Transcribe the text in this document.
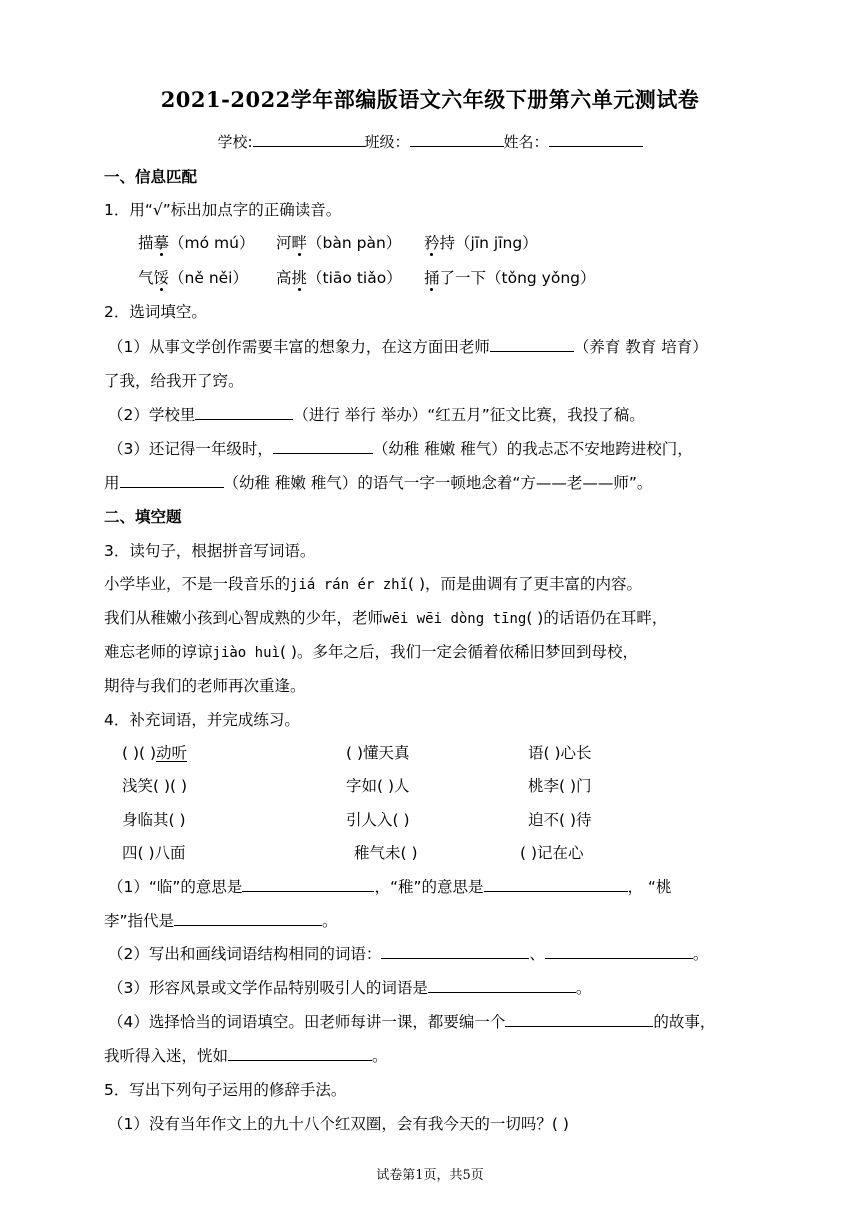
2021-2022学年部编版语文六年级下册第六单元测试卷
学校:	班级：	姓名：
一、信息匹配
1．用“√”标出加点字的正确读音。
描摹（mó mú） 河畔（bàn pàn） 矜持（jīn jīng）
气馁（ně něi） 高挑（tiāo tiǎo） 捅了一下（tǒng yǒng）
2．选词填空。
（1）从事文学创作需要丰富的想象力，在这方面田老师	（养育 教育 培育）
了我，给我开了窍。
（2）学校里	（进行 举行 举办）“红五月”征文比赛，我投了稿。
（3）还记得一年级时，	（幼稚 稚嫩 稚气）的我忐忑不安地跨进校门，
用	（幼稚 稚嫩 稚气）的语气一字一顿地念着“方——老——师”。
二、填空题
3．读句子，根据拼音写词语。
小学毕业，不是一段音乐的jiá rán ér zhǐ( )，而是曲调有了更丰富的内容。
我们从稚嫩小孩到心智成熟的少年，老师wēi wēi dòng tīng( )的话语仍在耳畔，
难忘老师的谆谅jiào huì( )。多年之后，我们一定会循着依稀旧梦回到母校，
期待与我们的老师再次重逢。
4．补充词语，并完成练习。
( )( )动听	( )懂天真	语( )心长
浅笑( )( )	字如( )人	桃李( )门
身临其( )	引人入( )	迫不( )待
四( )八面	稚气未( )	( )记在心
（1）“临”的意思是	，“稚”的意思是	， “桃
李”指代是	。
（2）写出和画线词语结构相同的词语：	、	。
（3）形容风景或文学作品特别吸引人的词语是	。
（4）选择恰当的词语填空。田老师每讲一课，都要编一个	的故事，
我听得入迷，恍如	。
5．写出下列句子运用的修辞手法。
（1）没有当年作文上的九十八个红双圈，会有我今天的一切吗？( )
试卷第1页，共5页
